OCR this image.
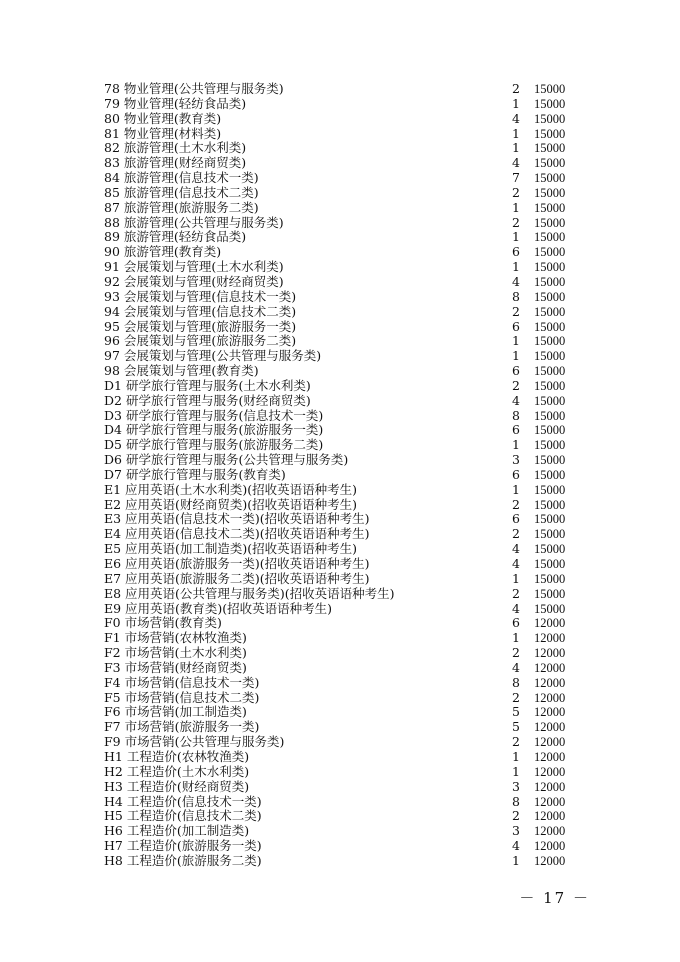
78 物业管理(公共管理与服务类)	2	15000
79 物业管理(轻纺食品类)	1	15000
80 物业管理(教育类)	4	15000
81 物业管理(材料类)	1	15000
82 旅游管理(土木水利类)	1	15000
83 旅游管理(财经商贸类)	4	15000
84 旅游管理(信息技术一类)	7	15000
85 旅游管理(信息技术二类)	2	15000
87 旅游管理(旅游服务二类)	1	15000
88 旅游管理(公共管理与服务类)	2	15000
89 旅游管理(轻纺食品类)	1	15000
90 旅游管理(教育类)	6	15000
91 会展策划与管理(土木水利类)	1	15000
92 会展策划与管理(财经商贸类)	4	15000
93 会展策划与管理(信息技术一类)	8	15000
94 会展策划与管理(信息技术二类)	2	15000
95 会展策划与管理(旅游服务一类)	6	15000
96 会展策划与管理(旅游服务二类)	1	15000
97 会展策划与管理(公共管理与服务类)	1	15000
98 会展策划与管理(教育类)	6	15000
D1 研学旅行管理与服务(土木水利类)	2	15000
D2 研学旅行管理与服务(财经商贸类)	4	15000
D3 研学旅行管理与服务(信息技术一类)	8	15000
D4 研学旅行管理与服务(旅游服务一类)	6	15000
D5 研学旅行管理与服务(旅游服务二类)	1	15000
D6 研学旅行管理与服务(公共管理与服务类)	3	15000
D7 研学旅行管理与服务(教育类)	6	15000
E1 应用英语(土木水利类)(招收英语语种考生)	1	15000
E2 应用英语(财经商贸类)(招收英语语种考生)	2	15000
E3 应用英语(信息技术一类)(招收英语语种考生)	6	15000
E4 应用英语(信息技术二类)(招收英语语种考生)	2	15000
E5 应用英语(加工制造类)(招收英语语种考生)	4	15000
E6 应用英语(旅游服务一类)(招收英语语种考生)	4	15000
E7 应用英语(旅游服务二类)(招收英语语种考生)	1	15000
E8 应用英语(公共管理与服务类)(招收英语语种考生)	2	15000
E9 应用英语(教育类)(招收英语语种考生)	4	15000
F0 市场营销(教育类)	6	12000
F1 市场营销(农林牧渔类)	1	12000
F2 市场营销(土木水利类)	2	12000
F3 市场营销(财经商贸类)	4	12000
F4 市场营销(信息技术一类)	8	12000
F5 市场营销(信息技术二类)	2	12000
F6 市场营销(加工制造类)	5	12000
F7 市场营销(旅游服务一类)	5	12000
F9 市场营销(公共管理与服务类)	2	12000
H1 工程造价(农林牧渔类)	1	12000
H2 工程造价(土木水利类)	1	12000
H3 工程造价(财经商贸类)	3	12000
H4 工程造价(信息技术一类)	8	12000
H5 工程造价(信息技术二类)	2	12000
H6 工程造价(加工制造类)	3	12000
H7 工程造价(旅游服务一类)	4	12000
H8 工程造价(旅游服务二类)	1	12000
－ 17 －
